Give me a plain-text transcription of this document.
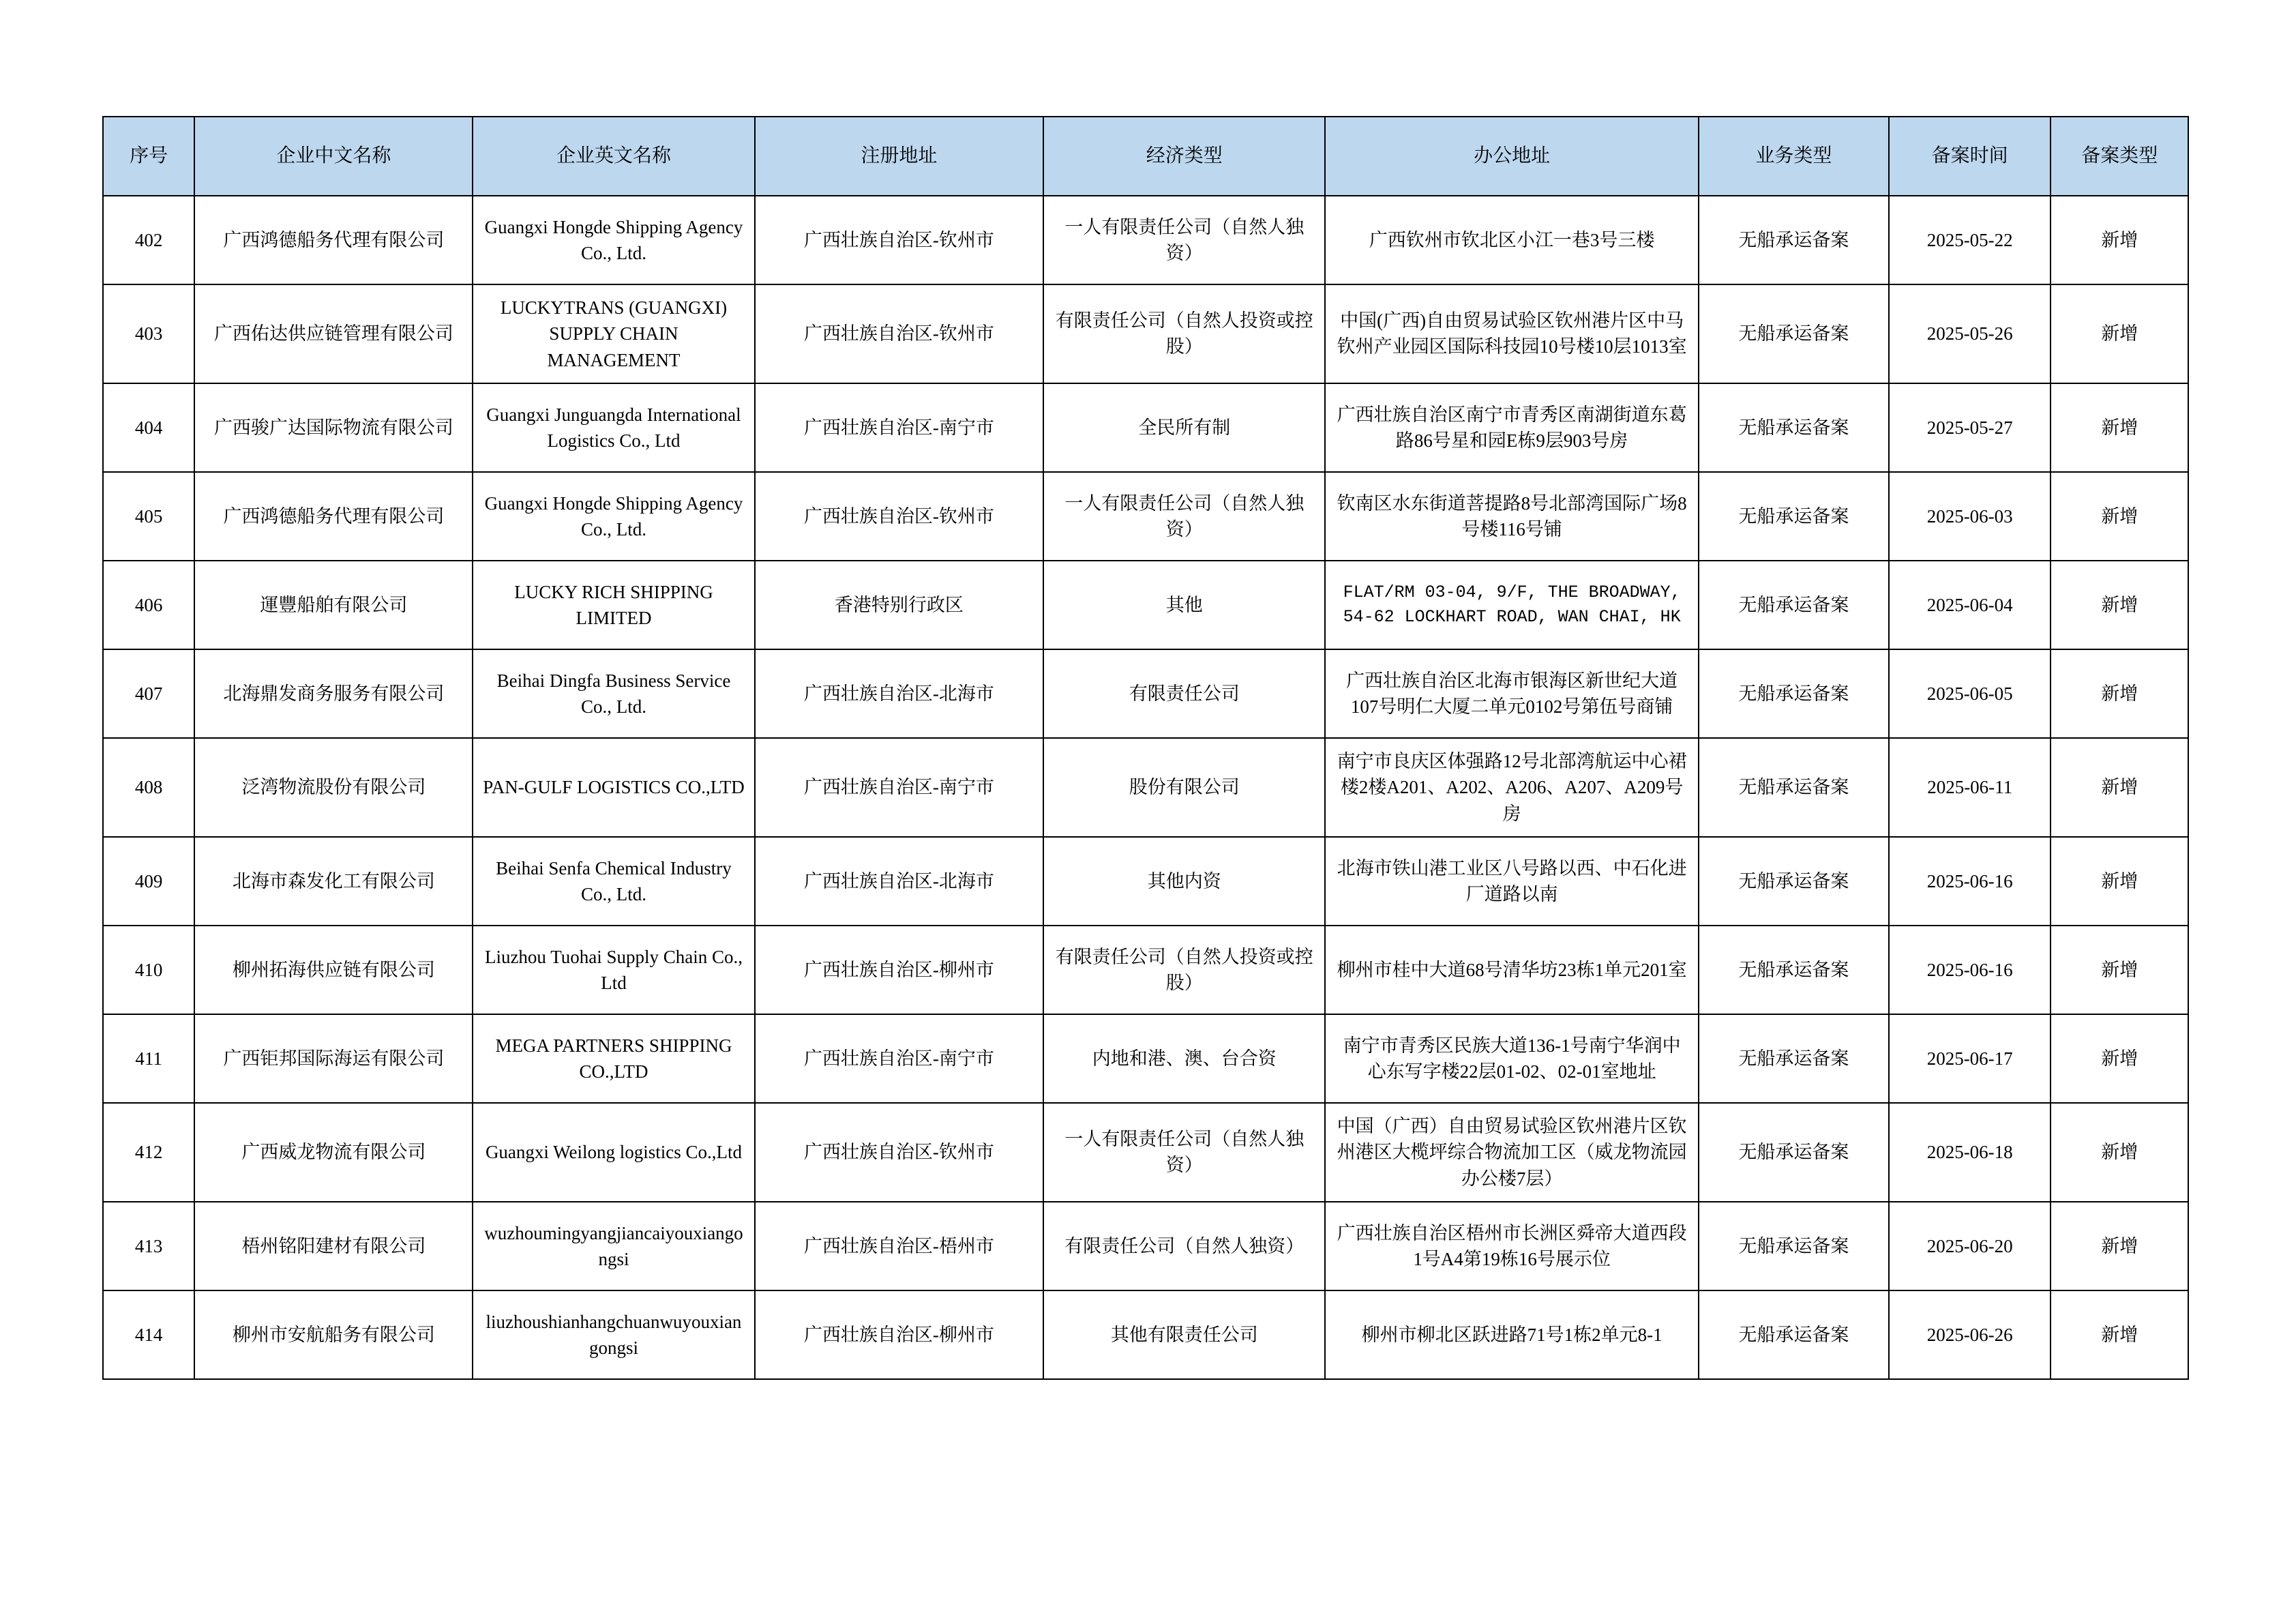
序号	企业中文名称	企业英文名称	注册地址	经济类型	办公地址	业务类型	备案时间	备案类型
402	广西鸿德船务代理有限公司	Guangxi Hongde Shipping Agency Co., Ltd.	广西壮族自治区-钦州市	一人有限责任公司（自然人独资）	广西钦州市钦北区小江一巷3号三楼	无船承运备案	2025-05-22	新增
403	广西佑达供应链管理有限公司	LUCKYTRANS (GUANGXI) SUPPLY CHAIN MANAGEMENT	广西壮族自治区-钦州市	有限责任公司（自然人投资或控股）	中国(广西)自由贸易试验区钦州港片区中马钦州产业园区国际科技园10号楼10层1013室	无船承运备案	2025-05-26	新增
404	广西骏广达国际物流有限公司	Guangxi Junguangda International Logistics Co., Ltd	广西壮族自治区-南宁市	全民所有制	广西壮族自治区南宁市青秀区南湖街道东葛路86号星和园E栋9层903号房	无船承运备案	2025-05-27	新增
405	广西鸿德船务代理有限公司	Guangxi Hongde Shipping Agency Co., Ltd.	广西壮族自治区-钦州市	一人有限责任公司（自然人独资）	钦南区水东街道菩提路8号北部湾国际广场8号楼116号铺	无船承运备案	2025-06-03	新增
406	運豐船舶有限公司	LUCKY RICH SHIPPING LIMITED	香港特别行政区	其他	FLAT/RM 03-04, 9/F, THE BROADWAY, 54-62 LOCKHART ROAD, WAN CHAI, HK	无船承运备案	2025-06-04	新增
407	北海鼎发商务服务有限公司	Beihai Dingfa Business Service Co., Ltd.	广西壮族自治区-北海市	有限责任公司	广西壮族自治区北海市银海区新世纪大道107号明仁大厦二单元0102号第伍号商铺	无船承运备案	2025-06-05	新增
408	泛湾物流股份有限公司	PAN-GULF LOGISTICS CO.,LTD	广西壮族自治区-南宁市	股份有限公司	南宁市良庆区体强路12号北部湾航运中心裙楼2楼A201、A202、A206、A207、A209号房	无船承运备案	2025-06-11	新增
409	北海市森发化工有限公司	Beihai Senfa Chemical Industry Co., Ltd.	广西壮族自治区-北海市	其他内资	北海市铁山港工业区八号路以西、中石化进厂道路以南	无船承运备案	2025-06-16	新增
410	柳州拓海供应链有限公司	Liuzhou Tuohai Supply Chain Co., Ltd	广西壮族自治区-柳州市	有限责任公司（自然人投资或控股）	柳州市桂中大道68号清华坊23栋1单元201室	无船承运备案	2025-06-16	新增
411	广西钜邦国际海运有限公司	MEGA PARTNERS SHIPPING CO.,LTD	广西壮族自治区-南宁市	内地和港、澳、台合资	南宁市青秀区民族大道136-1号南宁华润中心东写字楼22层01-02、02-01室地址	无船承运备案	2025-06-17	新增
412	广西威龙物流有限公司	Guangxi Weilong logistics Co.,Ltd	广西壮族自治区-钦州市	一人有限责任公司（自然人独资）	中国（广西）自由贸易试验区钦州港片区钦州港区大榄坪综合物流加工区（威龙物流园办公楼7层）	无船承运备案	2025-06-18	新增
413	梧州铭阳建材有限公司	wuzhoumingyangjiancaiyouxiangongsi	广西壮族自治区-梧州市	有限责任公司（自然人独资）	广西壮族自治区梧州市长洲区舜帝大道西段1号A4第19栋16号展示位	无船承运备案	2025-06-20	新增
414	柳州市安航船务有限公司	liuzhoushianhangchuanwuyouxiangongsi	广西壮族自治区-柳州市	其他有限责任公司	柳州市柳北区跃进路71号1栋2单元8-1	无船承运备案	2025-06-26	新增
